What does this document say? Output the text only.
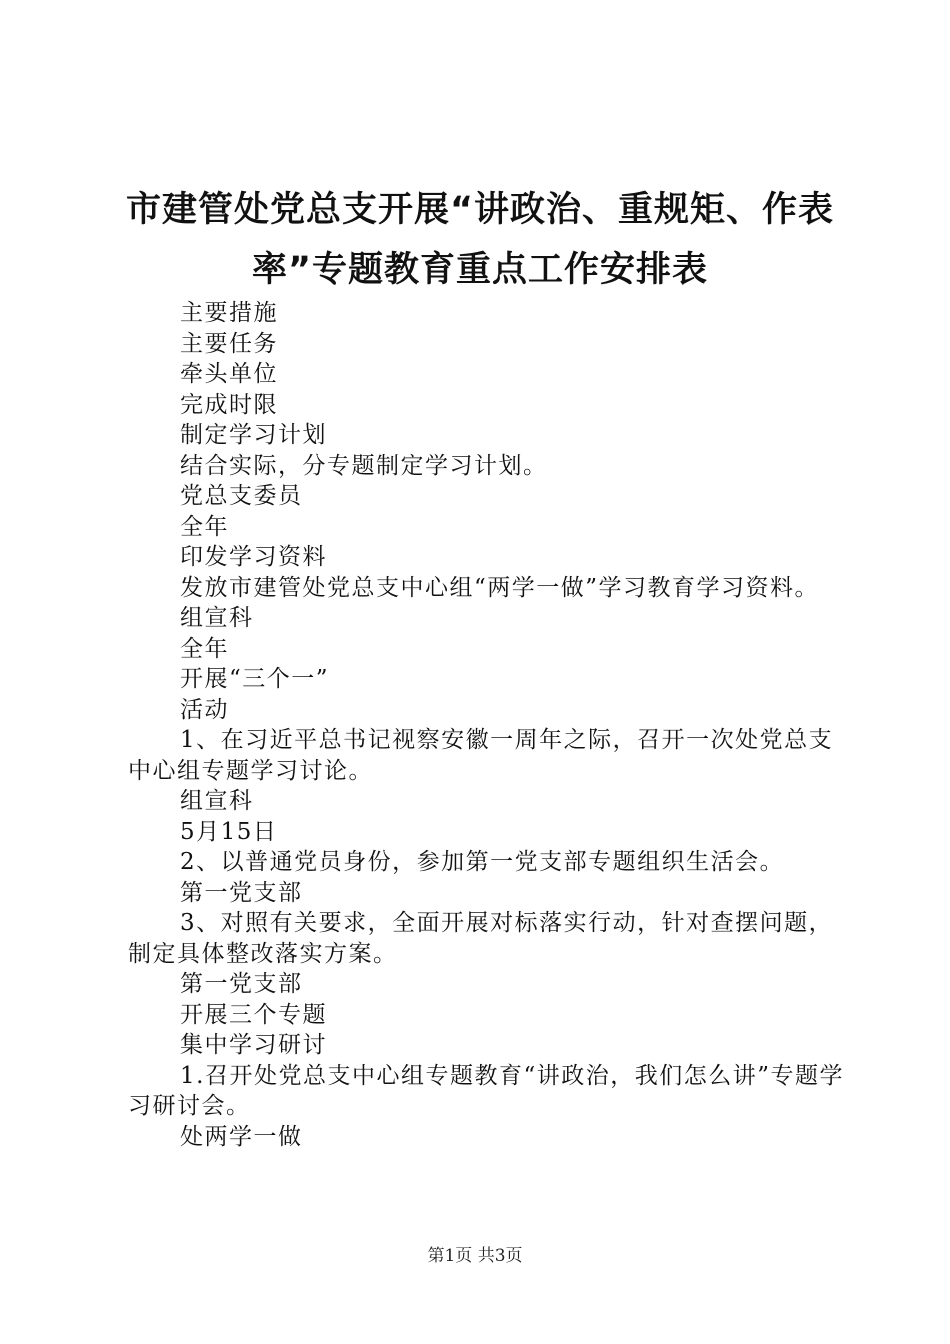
市建管处党总支开展“讲政治、重规矩、作表
率”专题教育重点工作安排表

主要措施

主要任务

牵头单位

完成时限

制定学习计划

结合实际，分专题制定学习计划。

党总支委员

全年

印发学习资料

发放市建管处党总支中心组“两学一做”学习教育学习资料。

组宣科

全年

开展“三个一”

活动

1、在习近平总书记视察安徽一周年之际，召开一次处党总支中心组专题学习讨论。

组宣科

5月15日

2、以普通党员身份，参加第一党支部专题组织生活会。

第一党支部

3、对照有关要求，全面开展对标落实行动，针对查摆问题，制定具体整改落实方案。

第一党支部

开展三个专题

集中学习研讨

1.召开处党总支中心组专题教育“讲政治，我们怎么讲”专题学习研讨会。

处两学一做

第1页 共3页
